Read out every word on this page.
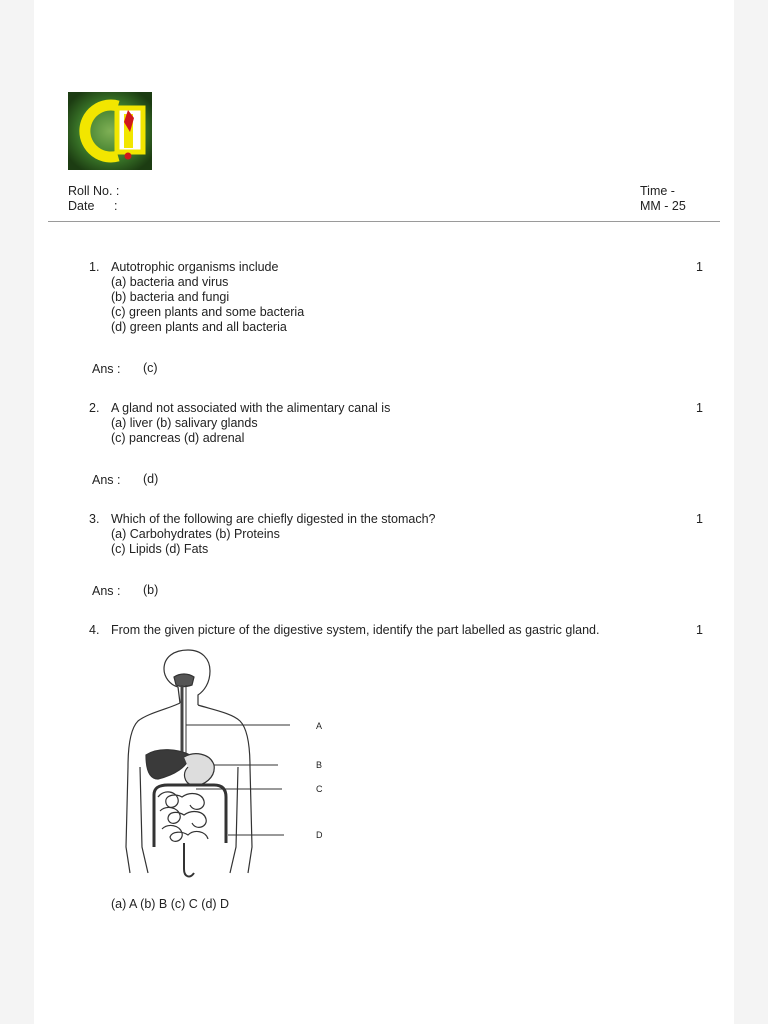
Roll No. :
Date :
Time -
MM - 25
1. Autotrophic organisms include
(a) bacteria and virus
(b) bacteria and fungi
(c) green plants and some bacteria
(d) green plants and all bacteria
1
Ans : (c)
2. A gland not associated with the alimentary canal is
(a) liver (b) salivary glands
(c) pancreas (d) adrenal
1
Ans : (d)
3. Which of the following are chiefly digested in the stomach?
(a) Carbohydrates (b) Proteins
(c) Lipids (d) Fats
1
Ans : (b)
4. From the given picture of the digestive system, identify the part labelled as gastric gland.	1
A
B
C
D
(a) A (b) B (c) C (d) D
